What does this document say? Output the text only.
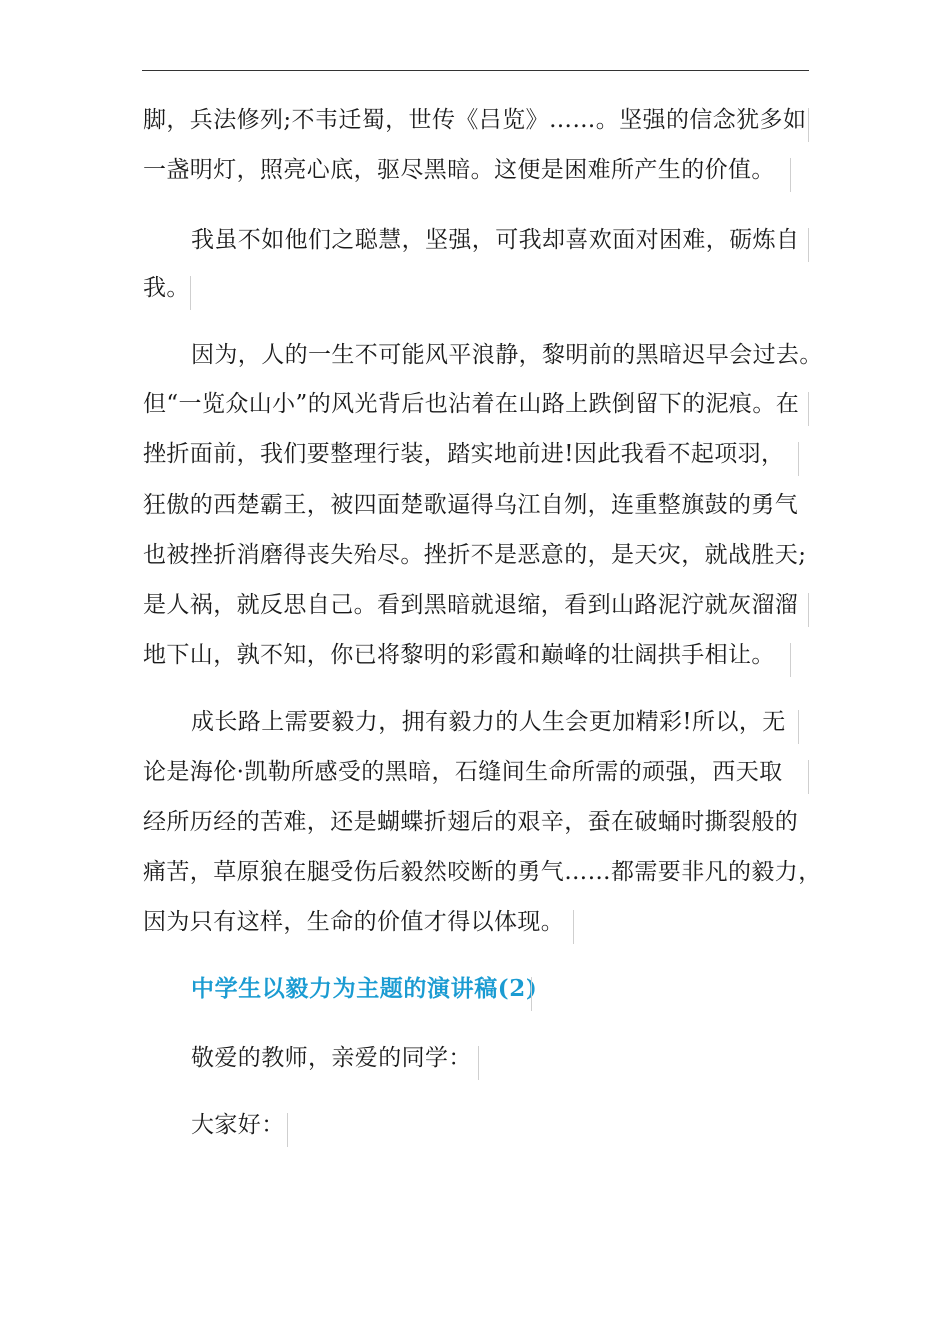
脚，兵法修列;不韦迁蜀，世传《吕览》……。坚强的信念犹多如
一盏明灯，照亮心底，驱尽黑暗。这便是困难所产生的价值。
我虽不如他们之聪慧，坚强，可我却喜欢面对困难，砺炼自
我。
因为，人的一生不可能风平浪静，黎明前的黑暗迟早会过去。
但“一览众山小”的风光背后也沾着在山路上跌倒留下的泥痕。在
挫折面前，我们要整理行装，踏实地前进!因此我看不起项羽，
狂傲的西楚霸王，被四面楚歌逼得乌江自刎，连重整旗鼓的勇气
也被挫折消磨得丧失殆尽。挫折不是恶意的，是天灾，就战胜天;
是人祸，就反思自己。看到黑暗就退缩，看到山路泥泞就灰溜溜
地下山，孰不知，你已将黎明的彩霞和巅峰的壮阔拱手相让。
成长路上需要毅力，拥有毅力的人生会更加精彩!所以，无
论是海伦·凯勒所感受的黑暗，石缝间生命所需的顽强，西天取
经所历经的苦难，还是蝴蝶折翅后的艰辛，蚕在破蛹时撕裂般的
痛苦，草原狼在腿受伤后毅然咬断的勇气……都需要非凡的毅力，
因为只有这样，生命的价值才得以体现。
中学生以毅力为主题的演讲稿(2)
敬爱的教师，亲爱的同学：
大家好：
